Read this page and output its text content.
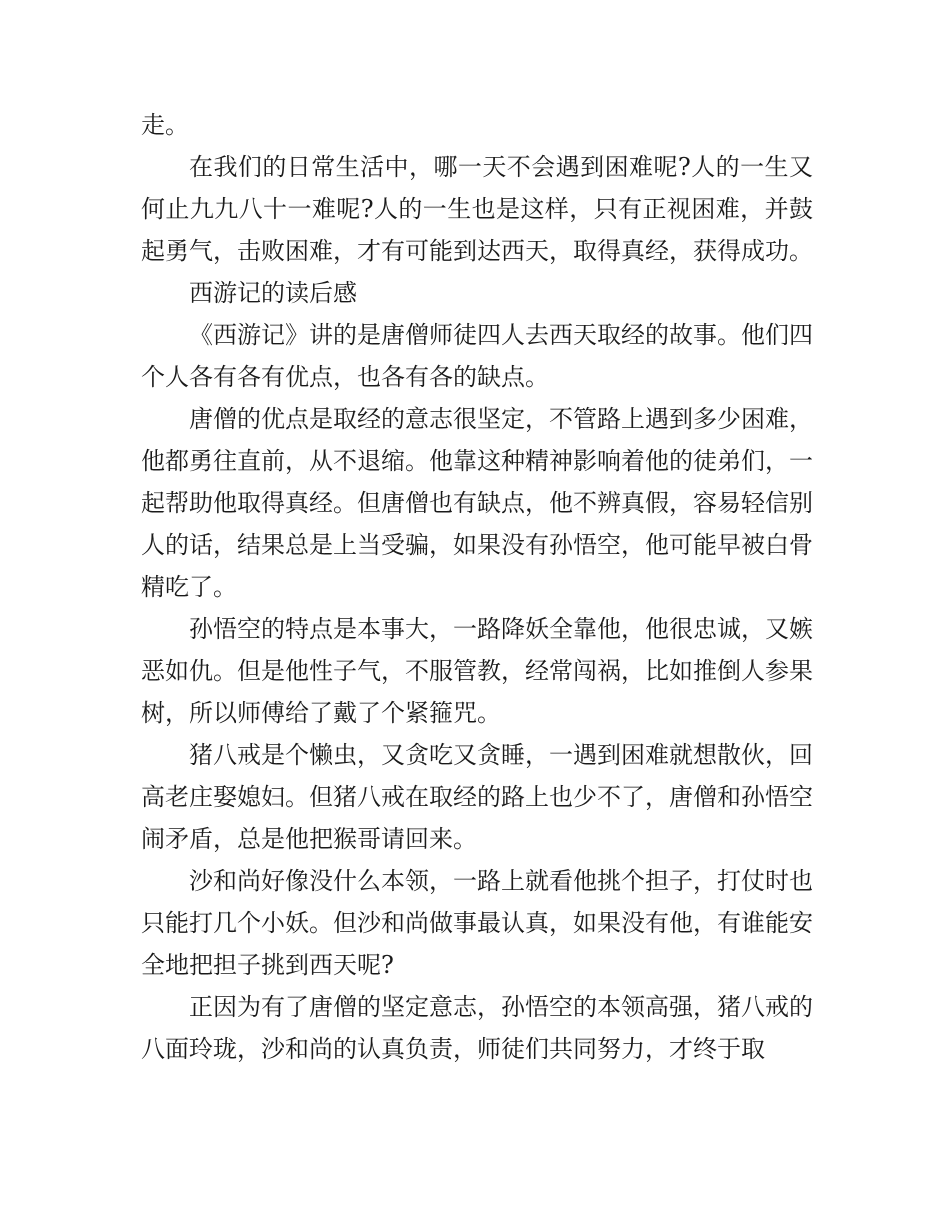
走。

在我们的日常生活中，哪一天不会遇到困难呢?人的一生又何止九九八十一难呢?人的一生也是这样，只有正视困难，并鼓起勇气，击败困难，才有可能到达西天，取得真经，获得成功。

西游记的读后感

《西游记》讲的是唐僧师徒四人去西天取经的故事。他们四个人各有各有优点，也各有各的缺点。

唐僧的优点是取经的意志很坚定，不管路上遇到多少困难，他都勇往直前，从不退缩。他靠这种精神影响着他的徒弟们，一起帮助他取得真经。但唐僧也有缺点，他不辨真假，容易轻信别人的话，结果总是上当受骗，如果没有孙悟空，他可能早被白骨精吃了。

孙悟空的特点是本事大，一路降妖全靠他，他很忠诚，又嫉恶如仇。但是他性子气，不服管教，经常闯祸，比如推倒人参果树，所以师傅给了戴了个紧箍咒。

猪八戒是个懒虫，又贪吃又贪睡，一遇到困难就想散伙，回高老庄娶媳妇。但猪八戒在取经的路上也少不了，唐僧和孙悟空闹矛盾，总是他把猴哥请回来。

沙和尚好像没什么本领，一路上就看他挑个担子，打仗时也只能打几个小妖。但沙和尚做事最认真，如果没有他，有谁能安全地把担子挑到西天呢?

正因为有了唐僧的坚定意志，孙悟空的本领高强，猪八戒的八面玲珑，沙和尚的认真负责，师徒们共同努力，才终于取
